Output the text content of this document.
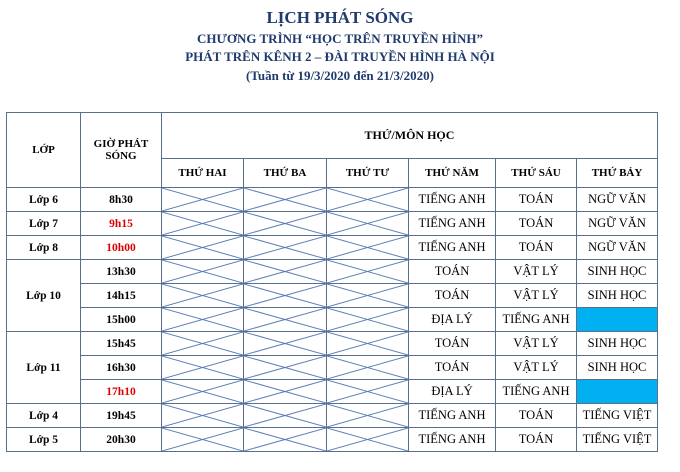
LỊCH PHÁT SÓNG
CHƯƠNG TRÌNH “HỌC TRÊN TRUYỀN HÌNH”
PHÁT TRÊN KÊNH 2 – ĐÀI TRUYỀN HÌNH HÀ NỘI
(Tuần từ 19/3/2020 đến 21/3/2020)
LỚP	GIỜ PHÁT SÓNG	THỨ/MÔN HỌC					
		THỨ HAI	THỨ BA	THỨ TƯ	THỨ NĂM	THỨ SÁU	THỨ BẢY
Lớp 6	8h30				TIẾNG ANH	TOÁN	NGỮ VĂN
Lớp 7	9h15				TIẾNG ANH	TOÁN	NGỮ VĂN
Lớp 8	10h00				TIẾNG ANH	TOÁN	NGỮ VĂN
Lớp 10	13h30				TOÁN	VẬT LÝ	SINH HỌC
	14h15				TOÁN	VẬT LÝ	SINH HỌC
	15h00				ĐỊA LÝ	TIẾNG ANH	
Lớp 11	15h45				TOÁN	VẬT LÝ	SINH HỌC
	16h30				TOÁN	VẬT LÝ	SINH HỌC
	17h10				ĐỊA LÝ	TIẾNG ANH	
Lớp 4	19h45				TIẾNG ANH	TOÁN	TIẾNG VIỆT
Lớp 5	20h30				TIẾNG ANH	TOÁN	TIẾNG VIỆT
